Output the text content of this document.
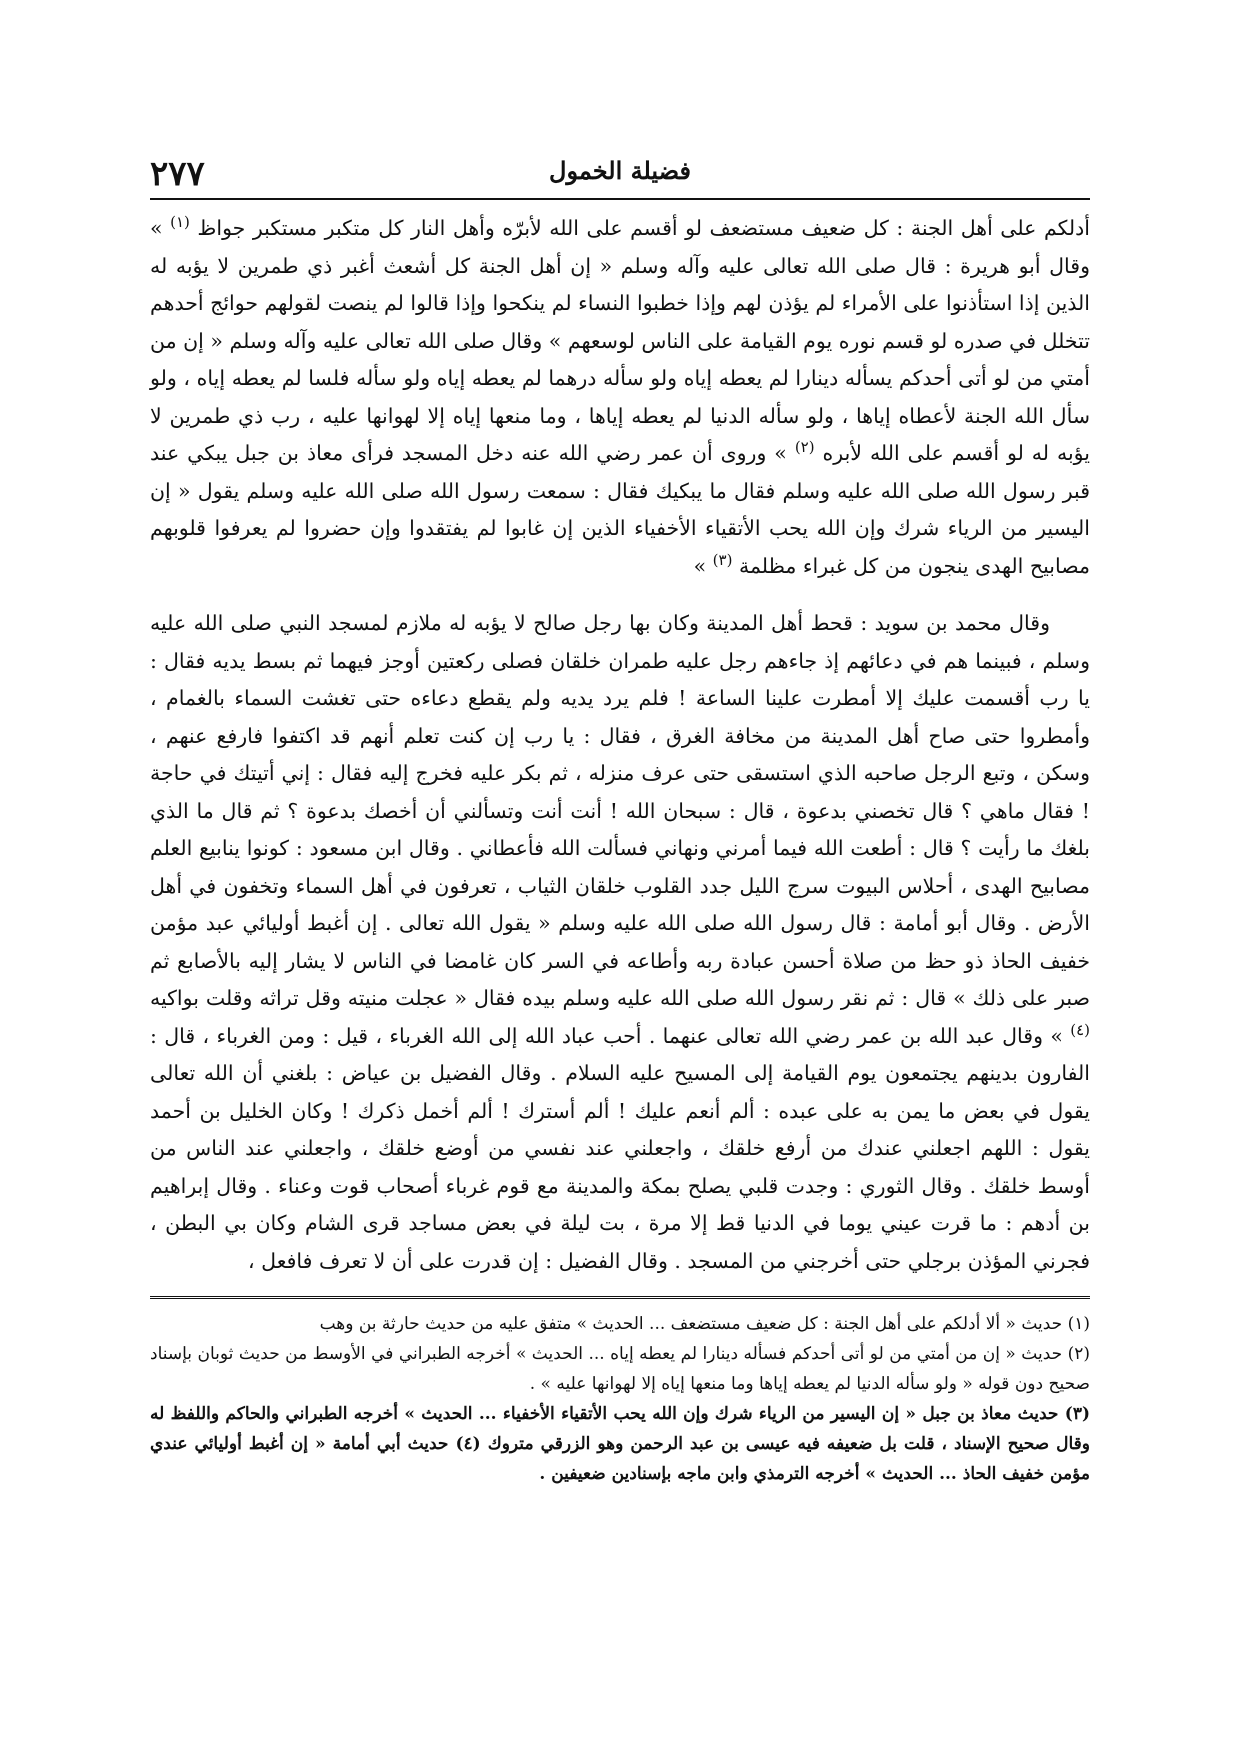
٢٧٧	فضيلة الخمول

أدلكم على أهل الجنة : كل ضعيف مستضعف لو أقسم على الله لأبرّه وأهل النار كل متكبر مستكبر جواظ $^{(١)}$ » وقال أبو هريرة : قال صلى الله تعالى عليه وآله وسلم « إن أهل الجنة كل أشعث أغبر ذي طمرين لا يؤبه له الذين إذا استأذنوا على الأمراء لم يؤذن لهم وإذا خطبوا النساء لم ينكحوا وإذا قالوا لم ينصت لقولهم حوائج أحدهم تتخلل في صدره لو قسم نوره يوم القيامة على الناس لوسعهم » وقال صلى الله تعالى عليه وآله وسلم « إن من أمتي من لو أتى أحدكم يسأله دينارا لم يعطه إياه ولو سأله درهما لم يعطه إياه ولو سأله فلسا لم يعطه إياه ، ولو سأل الله الجنة لأعطاه إياها ، ولو سأله الدنيا لم يعطه إياها ، وما منعها إياه إلا لهوانها عليه ، رب ذي طمرين لا يؤبه له لو أقسم على الله لأبره $^{(٢)}$ » وروى أن عمر رضي الله عنه دخل المسجد فرأى معاذ بن جبل يبكي عند قبر رسول الله صلى الله عليه وسلم فقال ما يبكيك فقال : سمعت رسول الله صلى الله عليه وسلم يقول « إن اليسير من الرياء شرك وإن الله يحب الأتقياء الأخفياء الذين إن غابوا لم يفتقدوا وإن حضروا لم يعرفوا قلوبهم مصابيح الهدى ينجون من كل غبراء مظلمة $^{(٣)}$ »

وقال محمد بن سويد : قحط أهل المدينة وكان بها رجل صالح لا يؤبه له ملازم لمسجد النبي صلى الله عليه وسلم ، فبينما هم في دعائهم إذ جاءهم رجل عليه طمران خلقان فصلى ركعتين أوجز فيهما ثم بسط يديه فقال : يا رب أقسمت عليك إلا أمطرت علينا الساعة ! فلم يرد يديه ولم يقطع دعاءه حتى تغشت السماء بالغمام ، وأمطروا حتى صاح أهل المدينة من مخافة الغرق ، فقال : يا رب إن كنت تعلم أنهم قد اكتفوا فارفع عنهم ، وسكن ، وتبع الرجل صاحبه الذي استسقى حتى عرف منزله ، ثم بكر عليه فخرج إليه فقال : إني أتيتك في حاجة ! فقال ماهي ؟ قال تخصني بدعوة ، قال : سبحان الله ! أنت أنت وتسألني أن أخصك بدعوة ؟ ثم قال ما الذي بلغك ما رأيت ؟ قال : أطعت الله فيما أمرني ونهاني فسألت الله فأعطاني . وقال ابن مسعود : كونوا ينابيع العلم مصابيح الهدى ، أحلاس البيوت سرج الليل جدد القلوب خلقان الثياب ، تعرفون في أهل السماء وتخفون في أهل الأرض . وقال أبو أمامة : قال رسول الله صلى الله عليه وسلم « يقول الله تعالى . إن أغبط أوليائي عبد مؤمن خفيف الحاذ ذو حظ من صلاة أحسن عبادة ربه وأطاعه في السر كان غامضا في الناس لا يشار إليه بالأصابع ثم صبر على ذلك » قال : ثم نقر رسول الله صلى الله عليه وسلم بيده فقال « عجلت منيته وقل تراثه وقلت بواكيه $^{(٤)}$ » وقال عبد الله بن عمر رضي الله تعالى عنهما . أحب عباد الله إلى الله الغرباء ، قيل : ومن الغرباء ، قال : الفارون بدينهم يجتمعون يوم القيامة إلى المسيح عليه السلام . وقال الفضيل بن عياض : بلغني أن الله تعالى يقول في بعض ما يمن به على عبده : ألم أنعم عليك ! ألم أسترك ! ألم أخمل ذكرك ! وكان الخليل بن أحمد يقول : اللهم اجعلني عندك من أرفع خلقك ، واجعلني عند نفسي من أوضع خلقك ، واجعلني عند الناس من أوسط خلقك . وقال الثوري : وجدت قلبي يصلح بمكة والمدينة مع قوم غرباء أصحاب قوت وعناء . وقال إبراهيم بن أدهم : ما قرت عيني يوما في الدنيا قط إلا مرة ، بت ليلة في بعض مساجد قرى الشام وكان بي البطن ، فجرني المؤذن برجلي حتى أخرجني من المسجد . وقال الفضيل : إن قدرت على أن لا تعرف فافعل ،

(١) حديث « ألا أدلكم على أهل الجنة : كل ضعيف مستضعف ... الحديث » متفق عليه من حديث حارثة بن وهب

(٢) حديث « إن من أمتي من لو أتى أحدكم فسأله دينارا لم يعطه إياه ... الحديث » أخرجه الطبراني في الأوسط من حديث ثوبان بإسناد صحيح دون قوله « ولو سأله الدنيا لم يعطه إياها وما منعها إياه إلا لهوانها عليه » .

(٣) حديث معاذ بن جبل « إن اليسير من الرياء شرك وإن الله يحب الأتقياء الأخفياء ... الحديث » أخرجه الطبراني والحاكم واللفظ له وقال صحيح الإسناد ، قلت بل ضعيفه فيه عيسى بن عبد الرحمن وهو الزرقي متروك (٤) حديث أبي أمامة « إن أغبط أوليائي عندي مؤمن خفيف الحاذ ... الحديث » أخرجه الترمذي وابن ماجه بإسنادين ضعيفين .
